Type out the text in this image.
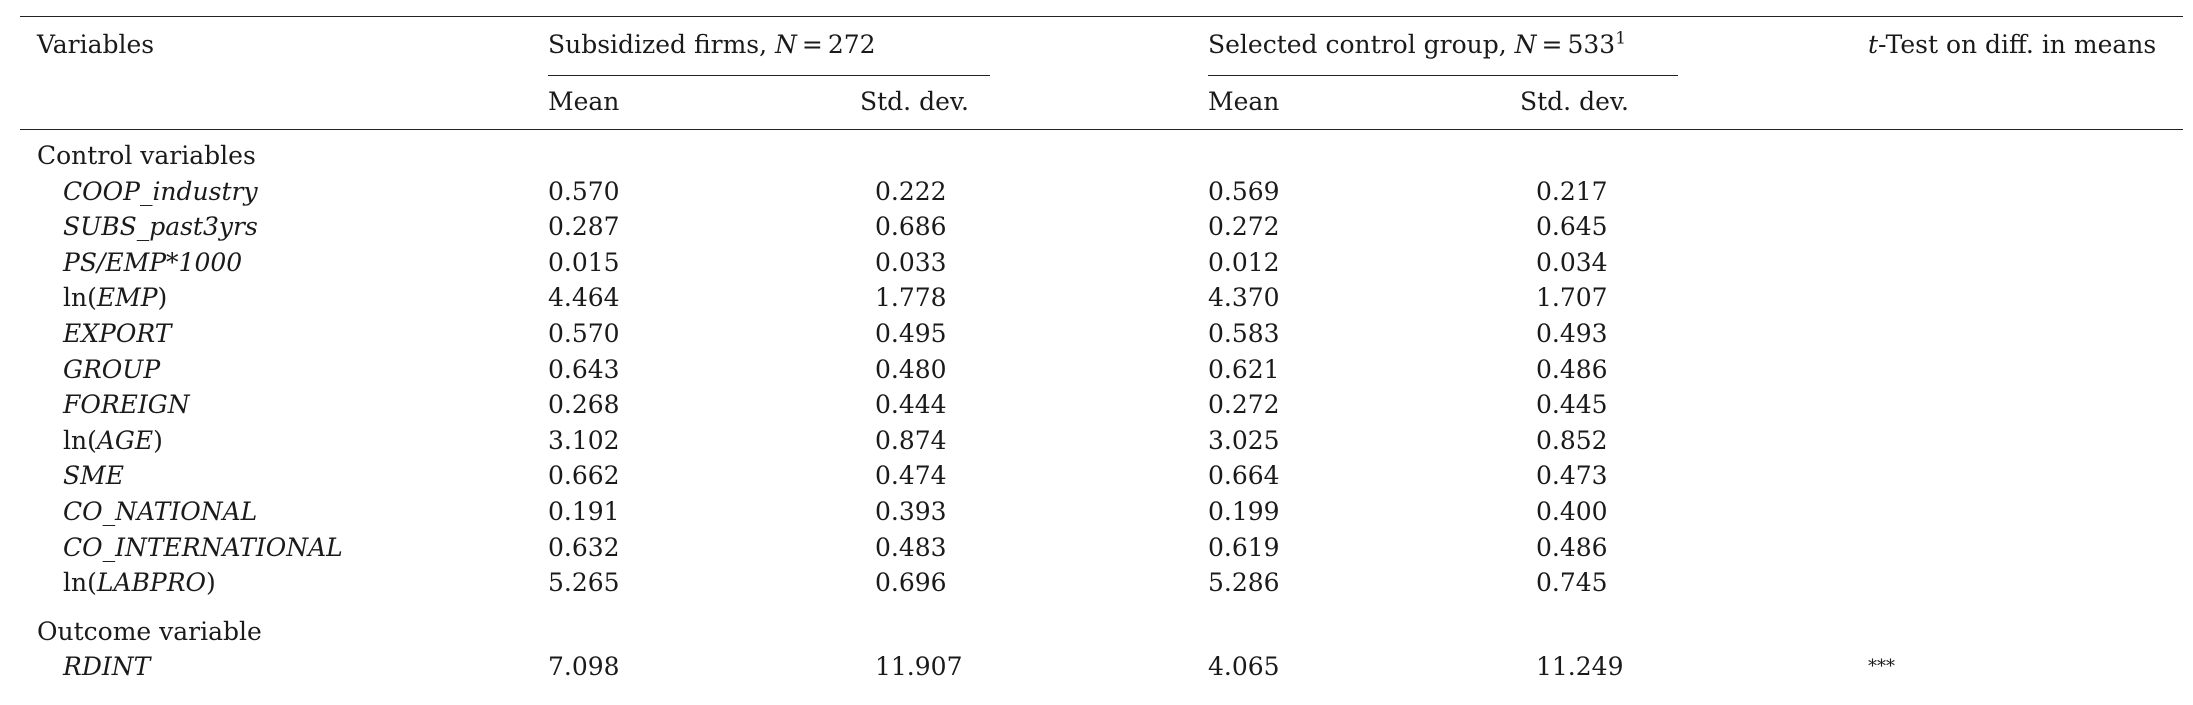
Variables	Subsidized firms, N = 272	Selected control group, $N = 533^1$	t-Test on diff. in means
Mean	Std. dev.	Mean	Std. dev.
Control variables
COOP_industry	0.570	0.222	0.569	0.217
SUBS_past3yrs	0.287	0.686	0.272	0.645
PS/EMP*1000	0.015	0.033	0.012	0.034
ln(EMP)	4.464	1.778	4.370	1.707
EXPORT	0.570	0.495	0.583	0.493
GROUP	0.643	0.480	0.621	0.486
FOREIGN	0.268	0.444	0.272	0.445
ln(AGE)	3.102	0.874	3.025	0.852
SME	0.662	0.474	0.664	0.473
CO_NATIONAL	0.191	0.393	0.199	0.400
CO_INTERNATIONAL	0.632	0.483	0.619	0.486
ln(LABPRO)	5.265	0.696	5.286	0.745
Outcome variable
RDINT	7.098	11.907	4.065	11.249	***
